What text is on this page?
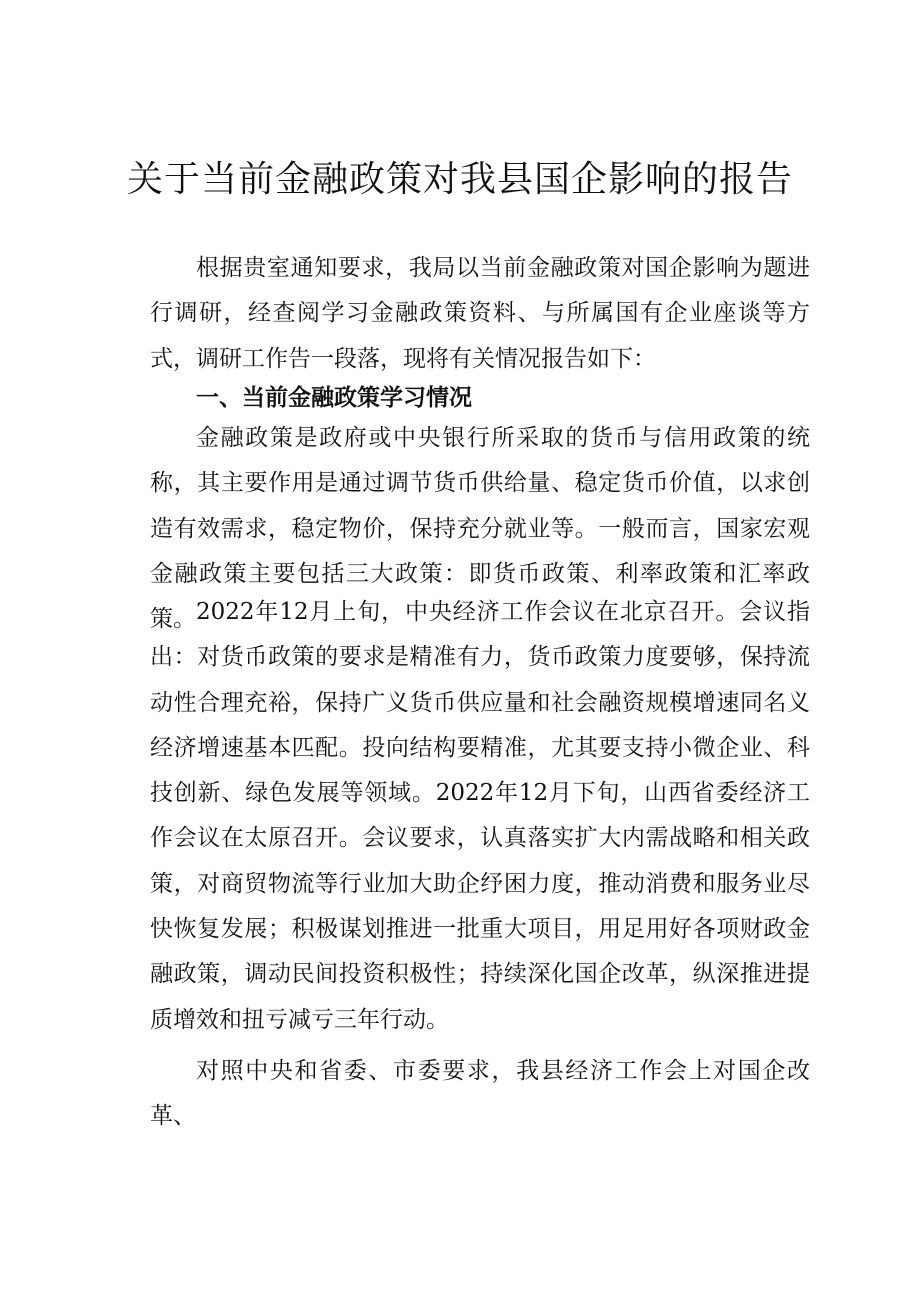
关于当前金融政策对我县国企影响的报告

根据贵室通知要求，我局以当前金融政策对国企影响为题进行调研，经查阅学习金融政策资料、与所属国有企业座谈等方式，调研工作告一段落，现将有关情况报告如下：

一、当前金融政策学习情况

金融政策是政府或中央银行所采取的货币与信用政策的统称，其主要作用是通过调节货币供给量、稳定货币价值，以求创造有效需求，稳定物价，保持充分就业等。一般而言，国家宏观金融政策主要包括三大政策：即货币政策、利率政策和汇率政策。 2022年12月上旬，中央经济工作会议在北京召开。会议指出：对货币政策的要求是精准有力，货币政策力度要够，保持流动性合理充裕，保持广义货币供应量和社会融资规模增速同名义经济增速基本匹配。投向结构要精准，尤其要支持小微企业、科技创新、绿色发展等领域。2022年12月下旬，山西省委经济工作会议在太原召开。会议要求，认真落实扩大内需战略和相关政策，对商贸物流等行业加大助企纾困力度，推动消费和服务业尽快恢复发展；积极谋划推进一批重大项目，用足用好各项财政金融政策，调动民间投资积极性；持续深化国企改革，纵深推进提质增效和扭亏减亏三年行动。

对照中央和省委、市委要求，我县经济工作会上对国企改革、
